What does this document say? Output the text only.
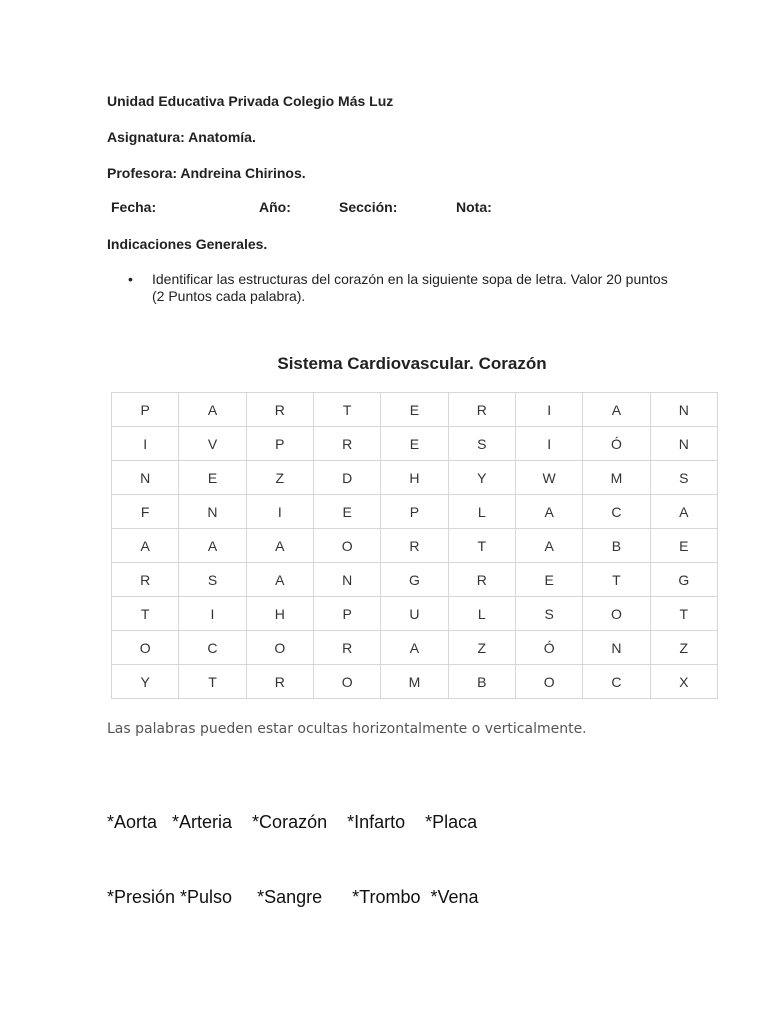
Unidad Educativa Privada Colegio Más Luz
Asignatura: Anatomía.
Profesora: Andreina Chirinos.
Fecha:	Año:	Sección:	Nota:
Indicaciones Generales.
•	Identificar las estructuras del corazón en la siguiente sopa de letra. Valor 20 puntos (2 Puntos cada palabra).
Sistema Cardiovascular. Corazón
P	A	R	T	E	R	I	A	N
I	V	P	R	E	S	I	Ó	N
N	E	Z	D	H	Y	W	M	S
F	N	I	E	P	L	A	C	A
A	A	A	O	R	T	A	B	E
R	S	A	N	G	R	E	T	G
T	I	H	P	U	L	S	O	T
O	C	O	R	A	Z	Ó	N	Z
Y	T	R	O	M	B	O	C	X
Las palabras pueden estar ocultas horizontalmente o verticalmente.

*Aorta   *Arteria    *Corazón    *Infarto    *Placa

*Presión *Pulso     *Sangre      *Trombo  *Vena
